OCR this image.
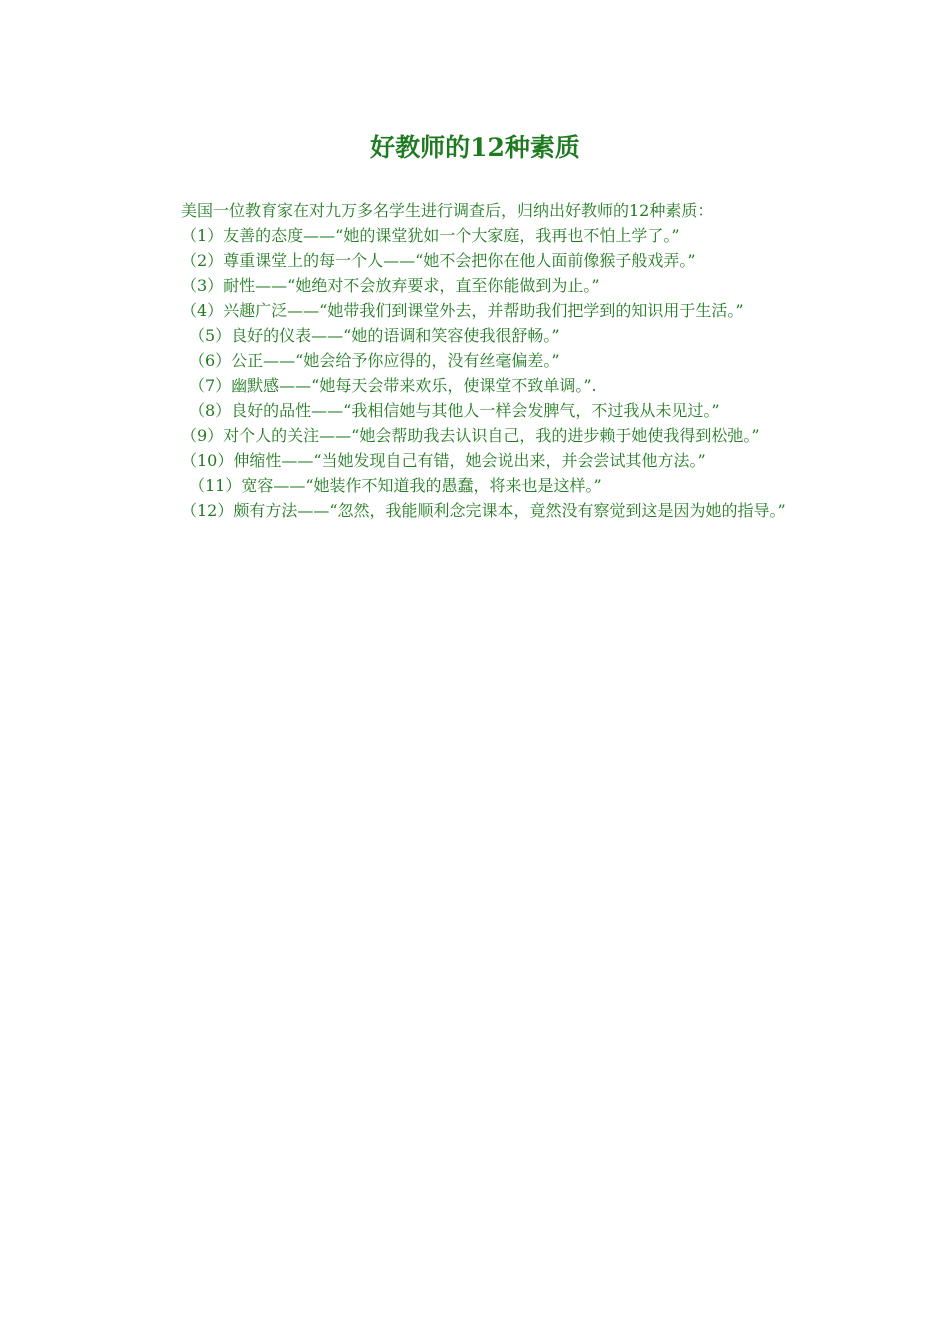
好教师的12种素质

美国一位教育家在对九万多名学生进行调查后，归纳出好教师的12种素质：

（1）友善的态度——“她的课堂犹如一个大家庭，我再也不怕上学了。”

（2）尊重课堂上的每一个人——“她不会把你在他人面前像猴子般戏弄。”

（3）耐性——“她绝对不会放弃要求，直至你能做到为止。”

（4）兴趣广泛——“她带我们到课堂外去，并帮助我们把学到的知识用于生活。”

（5）良好的仪表——“她的语调和笑容使我很舒畅。”

（6）公正——“她会给予你应得的，没有丝毫偏差。”

（7）幽默感——“她每天会带来欢乐，使课堂不致单调。”.

（8）良好的品性——“我相信她与其他人一样会发脾气，不过我从未见过。”

（9）对个人的关注——“她会帮助我去认识自己，我的进步赖于她使我得到松弛。”

（10）伸缩性——“当她发现自己有错，她会说出来，并会尝试其他方法。”

（11）宽容——“她装作不知道我的愚蠢，将来也是这样。”

（12）颇有方法——“忽然，我能顺利念完课本，竟然没有察觉到这是因为她的指导。”
